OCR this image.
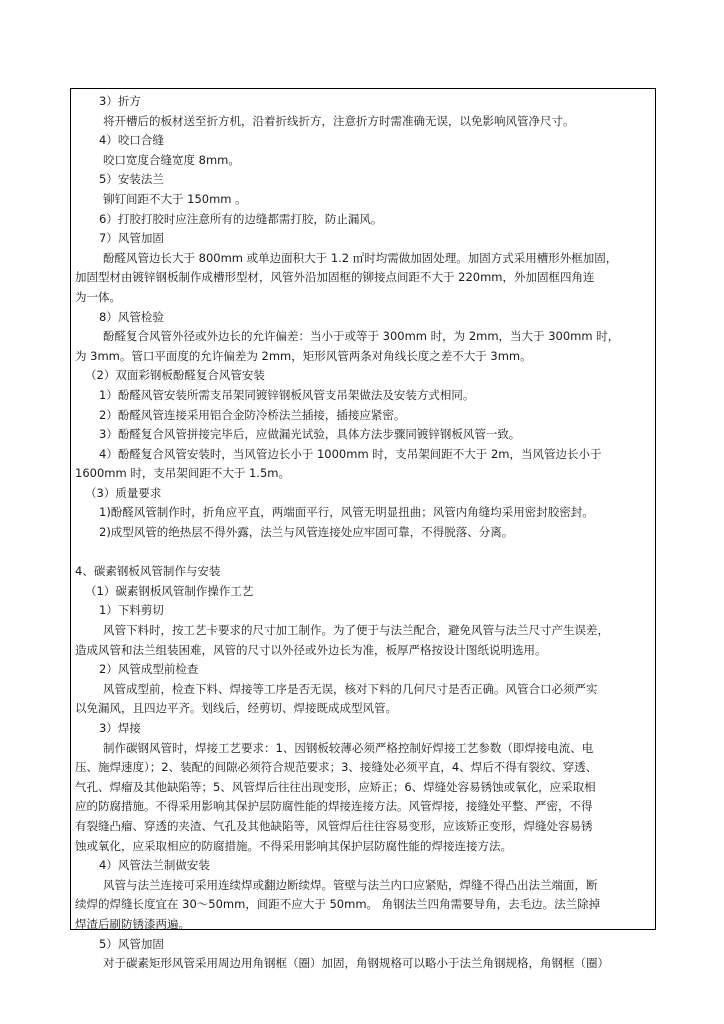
3）折方
将开槽后的板材送至折方机，沿着折线折方，注意折方时需准确无误，以免影响风管净尺寸。
4）咬口合缝
咬口宽度合缝宽度 8mm。
5）安装法兰
铆钉间距不大于 150mm 。
6）打胶打胶时应注意所有的边缝都需打胶，防止漏风。
7）风管加固
酚醛风管边长大于 800mm 或单边面积大于 1.2 ㎡时均需做加固处理。加固方式采用槽形外框加固，
加固型材由镀锌钢板制作成槽形型材，风管外沿加固框的铆接点间距不大于 220mm，外加固框四角连
为一体。
8）风管检验
酚醛复合风管外径或外边长的允许偏差：当小于或等于 300mm 时，为 2mm，当大于 300mm 时，
为 3mm。管口平面度的允许偏差为 2mm，矩形风管两条对角线长度之差不大于 3mm。
（2）双面彩钢板酚醛复合风管安装
1）酚醛风管安装所需支吊架同镀锌钢板风管支吊架做法及安装方式相同。
2）酚醛风管连接采用铝合金防冷桥法兰插接，插接应紧密。
3）酚醛复合风管拼接完毕后，应做漏光试验，具体方法步骤同镀锌钢板风管一致。
4）酚醛复合风管安装时，当风管边长小于 1000mm 时，支吊架间距不大于 2m，当风管边长小于
1600mm 时，支吊架间距不大于 1.5m。
（3）质量要求
1)酚醛风管制作时，折角应平直，两端面平行，风管无明显扭曲；风管内角缝均采用密封胶密封。
2)成型风管的绝热层不得外露，法兰与风管连接处应牢固可靠，不得脱落、分离。
4、碳素钢板风管制作与安装
（1）碳素钢板风管制作操作工艺
1）下料剪切
风管下料时，按工艺卡要求的尺寸加工制作。为了便于与法兰配合，避免风管与法兰尺寸产生误差，
造成风管和法兰组装困难，风管的尺寸以外径或外边长为准，板厚严格按设计图纸说明选用。
2）风管成型前检查
风管成型前，检查下料、焊接等工序是否无误，核对下料的几何尺寸是否正确。风管合口必须严实
以免漏风，且四边平齐。划线后，经剪切、焊接既成成型风管。
3）焊接
制作碳钢风管时，焊接工艺要求：1、因钢板较薄必须严格控制好焊接工艺参数（即焊接电流、电
压、施焊速度）；2、装配的间隙必须符合规范要求；3、接缝处必须平直，4、焊后不得有裂纹、穿透、
气孔、焊瘤及其他缺陷等；5、风管焊后往往出现变形，应矫正；6、焊缝处容易锈蚀或氧化，应采取相
应的防腐措施。不得采用影响其保护层防腐性能的焊接连接方法。风管焊接，接缝处平整、严密，不得
有裂缝凸瘤、穿透的夹渣、气孔及其他缺陷等，风管焊后往往容易变形，应该矫正变形，焊缝处容易锈
蚀或氧化，应采取相应的防腐措施。不得采用影响其保护层防腐性能的焊接连接方法。
4）风管法兰制做安装
风管与法兰连接可采用连续焊或翻边断续焊。管壁与法兰内口应紧贴，焊缝不得凸出法兰端面，断
续焊的焊缝长度宜在 30～50mm，间距不应大于 50mm。 角钢法兰四角需要导角，去毛边。法兰除掉
焊渣后刷防锈漆两遍。
5）风管加固
对于碳素矩形风管采用周边用角钢框（圈）加固，角钢规格可以略小于法兰角钢规格，角钢框（圈）
